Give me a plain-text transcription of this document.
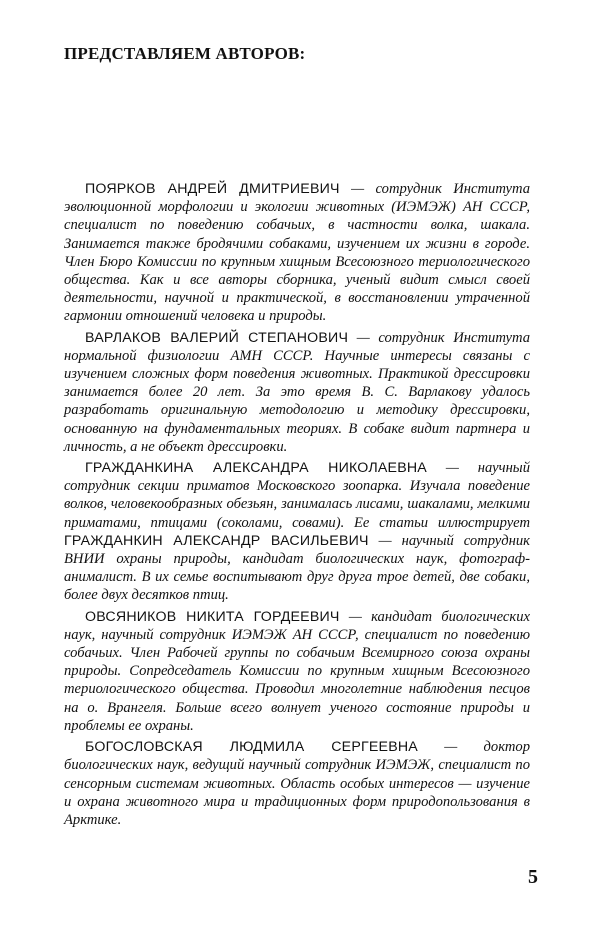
ПРЕДСТАВЛЯЕМ АВТОРОВ:

ПОЯРКОВ АНДРЕЙ ДМИТРИЕВИЧ — сотрудник Института эволюционной морфологии и экологии животных (ИЭМЭЖ) АН СССР, специалист по поведению собачьих, в частности волка, шакала. Занимается также бродячими собаками, изучением их жизни в городе. Член Бюро Комиссии по крупным хищным Всесоюзного териологического общества. Как и все авторы сборника, ученый видит смысл своей деятельности, научной и практической, в восстановлении утраченной гармонии отношений человека и природы.

ВАРЛАКОВ ВАЛЕРИЙ СТЕПАНОВИЧ — сотрудник Института нормальной физиологии АМН СССР. Научные интересы связаны с изучением сложных форм поведения животных. Практикой дрессировки занимается более 20 лет. За это время В. С. Варлакову удалось разработать оригинальную методологию и методику дрессировки, основанную на фундаментальных теориях. В собаке видит партнера и личность, а не объект дрессировки.

ГРАЖДАНКИНА АЛЕКСАНДРА НИКОЛАЕВНА — научный сотрудник секции приматов Московского зоопарка. Изучала поведение волков, человекообразных обезьян, занималась лисами, шакалами, мелкими приматами, птицами (соколами, совами). Ее статьи иллюстрирует ГРАЖДАНКИН АЛЕКСАНДР ВАСИЛЬЕВИЧ — научный сотрудник ВНИИ охраны природы, кандидат биологических наук, фотограф-анималист. В их семье воспитывают друг друга трое детей, две собаки, более двух десятков птиц.

ОВСЯНИКОВ НИКИТА ГОРДЕЕВИЧ — кандидат биологических наук, научный сотрудник ИЭМЭЖ АН СССР, специалист по поведению собачьих. Член Рабочей группы по собачьим Всемирного союза охраны природы. Сопредседатель Комиссии по крупным хищным Всесоюзного териологического общества. Проводил многолетние наблюдения песцов на о. Врангеля. Больше всего волнует ученого состояние природы и проблемы ее охраны.

БОГОСЛОВСКАЯ ЛЮДМИЛА СЕРГЕЕВНА — доктор биологических наук, ведущий научный сотрудник ИЭМЭЖ, специалист по сенсорным системам животных. Область особых интересов — изучение и охрана животного мира и традиционных форм природопользования в Арктике.

5
